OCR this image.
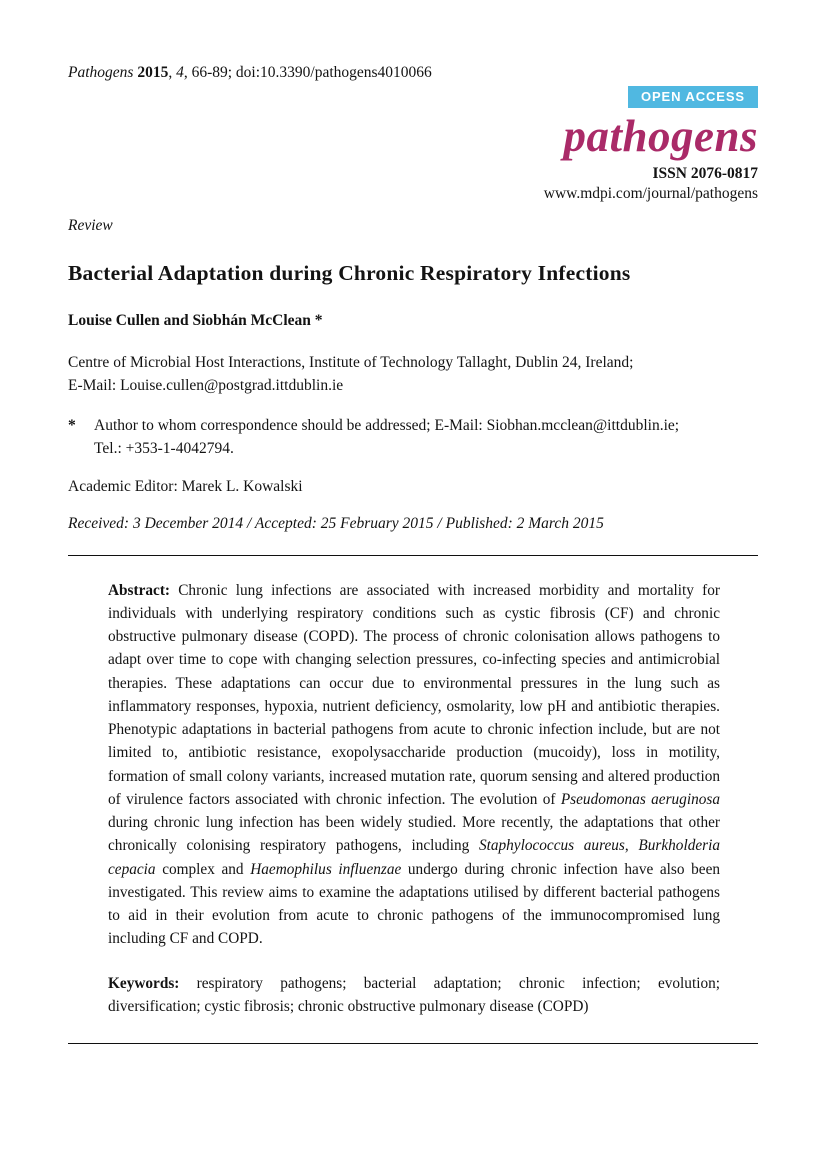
Pathogens 2015, 4, 66-89; doi:10.3390/pathogens4010066

OPEN ACCESS
pathogens
ISSN 2076-0817
www.mdpi.com/journal/pathogens

Review

Bacterial Adaptation during Chronic Respiratory Infections

Louise Cullen and Siobhán McClean *

Centre of Microbial Host Interactions, Institute of Technology Tallaght, Dublin 24, Ireland;
E-Mail: Louise.cullen@postgrad.ittdublin.ie

*	Author to whom correspondence should be addressed; E-Mail: Siobhan.mcclean@ittdublin.ie;
Tel.: +353-1-4042794.

Academic Editor: Marek L. Kowalski

Received: 3 December 2014 / Accepted: 25 February 2015 / Published: 2 March 2015

Abstract: Chronic lung infections are associated with increased morbidity and mortality for individuals with underlying respiratory conditions such as cystic fibrosis (CF) and chronic obstructive pulmonary disease (COPD). The process of chronic colonisation allows pathogens to adapt over time to cope with changing selection pressures, co-infecting species and antimicrobial therapies. These adaptations can occur due to environmental pressures in the lung such as inflammatory responses, hypoxia, nutrient deficiency, osmolarity, low pH and antibiotic therapies. Phenotypic adaptations in bacterial pathogens from acute to chronic infection include, but are not limited to, antibiotic resistance, exopolysaccharide production (mucoidy), loss in motility, formation of small colony variants, increased mutation rate, quorum sensing and altered production of virulence factors associated with chronic infection. The evolution of Pseudomonas aeruginosa during chronic lung infection has been widely studied. More recently, the adaptations that other chronically colonising respiratory pathogens, including Staphylococcus aureus, Burkholderia cepacia complex and Haemophilus influenzae undergo during chronic infection have also been investigated. This review aims to examine the adaptations utilised by different bacterial pathogens to aid in their evolution from acute to chronic pathogens of the immunocompromised lung including CF and COPD.

Keywords: respiratory pathogens; bacterial adaptation; chronic infection; evolution; diversification; cystic fibrosis; chronic obstructive pulmonary disease (COPD)
